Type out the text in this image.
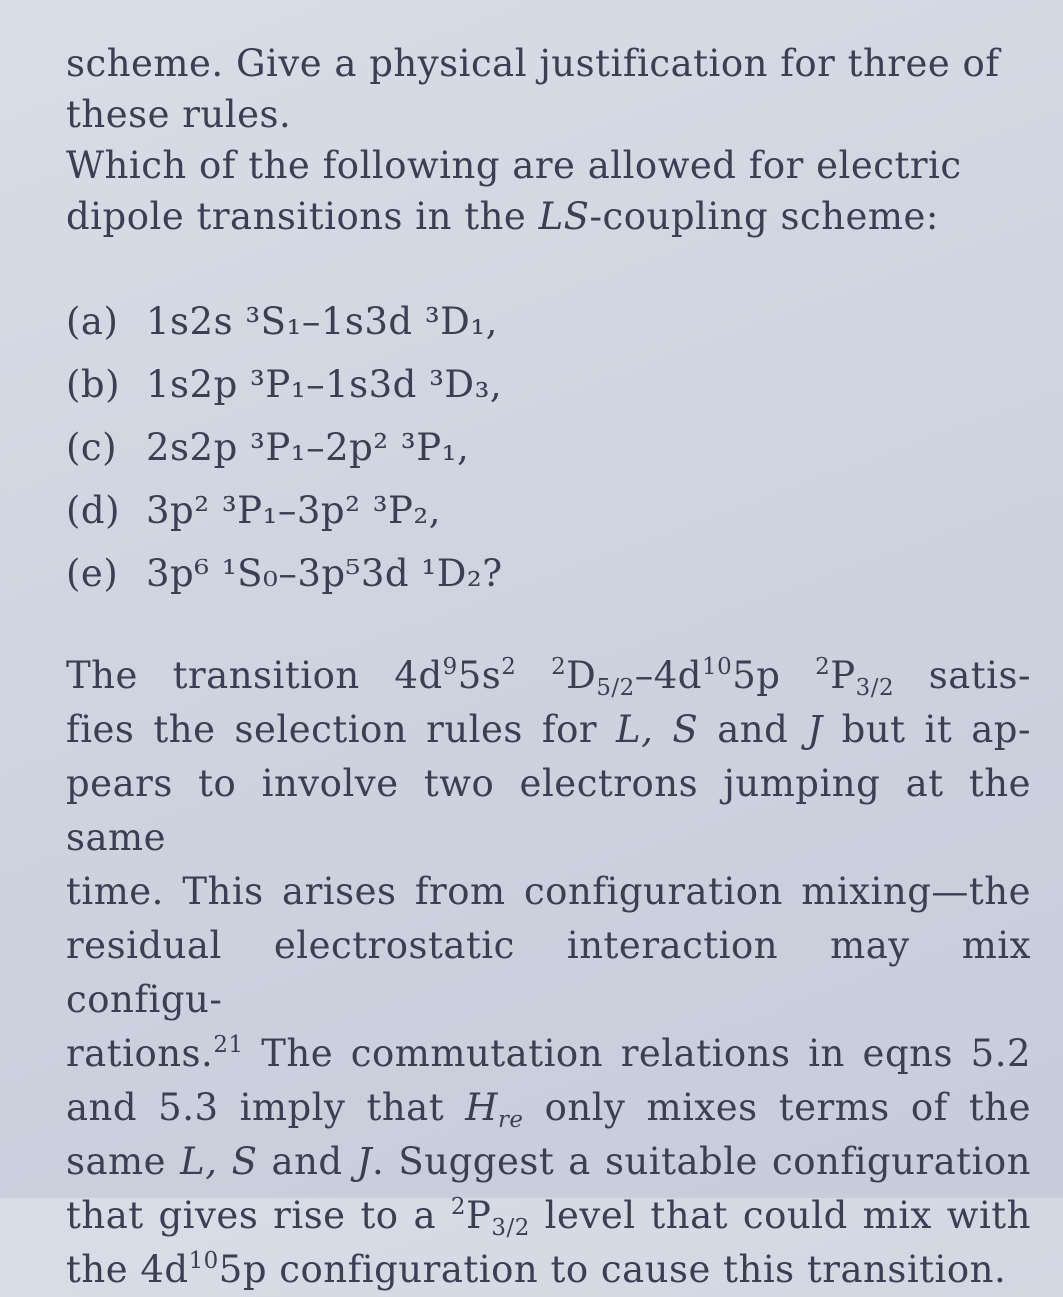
scheme. Give a physical justification for three of
these rules.
Which of the following are allowed for electric
dipole transitions in the LS-coupling scheme:
(a) 1s2s ³S₁–1s3d ³D₁,
(b) 1s2p ³P₁–1s3d ³D₃,
(c) 2s2p ³P₁–2p² ³P₁,
(d) 3p² ³P₁–3p² ³P₂,
(e) 3p⁶ ¹S₀–3p⁵3d ¹D₂?
The transition $4d^95s^2$ $^2D_{5/2}-4d^{10}5p$ $^2P_{3/2}$ satis-
fies the selection rules for L, S and J but it ap-
pears to involve two electrons jumping at the same
time. This arises from configuration mixing—the
residual electrostatic interaction may mix configu-
rations.$^{21}$ The commutation relations in eqns 5.2
and 5.3 imply that $H_{re}$ only mixes terms of the
same L, S and J. Suggest a suitable configuration
that gives rise to a $^2P_{3/2}$ level that could mix with
the $4d^{10}5p$ configuration to cause this transition.
